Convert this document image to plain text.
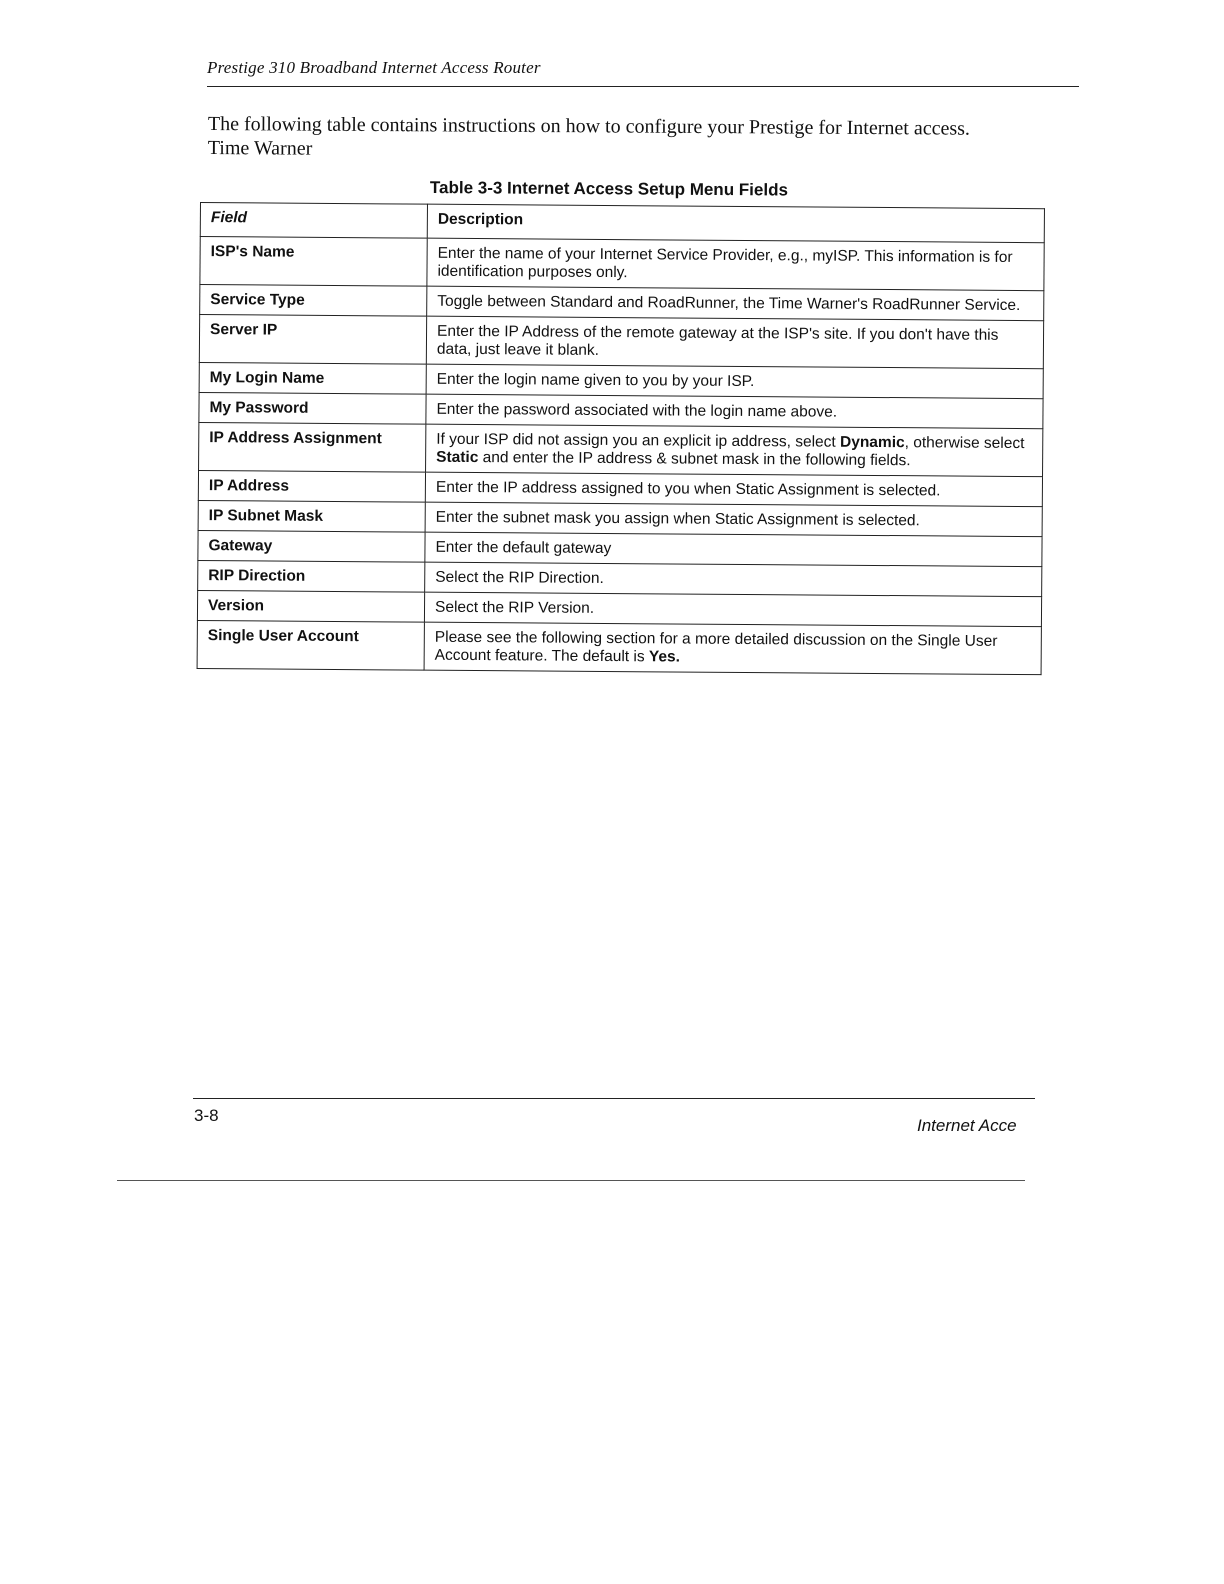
Prestige 310 Broadband Internet Access Router
The following table contains instructions on how to configure your Prestige for Internet access.
Time Warner
Table 3-3 Internet Access Setup Menu Fields
Field	Description
ISP's Name	Enter the name of your Internet Service Provider, e.g., myISP. This information is for identification purposes only.
Service Type	Toggle between Standard and RoadRunner, the Time Warner's RoadRunner Service.
Server IP	Enter the IP Address of the remote gateway at the ISP's site. If you don't have this data, just leave it blank.
My Login Name	Enter the login name given to you by your ISP.
My Password	Enter the password associated with the login name above.
IP Address Assignment	If your ISP did not assign you an explicit ip address, select Dynamic, otherwise select Static and enter the IP address & subnet mask in the following fields.
IP Address	Enter the IP address assigned to you when Static Assignment is selected.
IP Subnet Mask	Enter the subnet mask you assign when Static Assignment is selected.
Gateway	Enter the default gateway
RIP Direction	Select the RIP Direction.
Version	Select the RIP Version.
Single User Account	Please see the following section for a more detailed discussion on the Single User Account feature. The default is Yes.
3-8
Internet Acce
